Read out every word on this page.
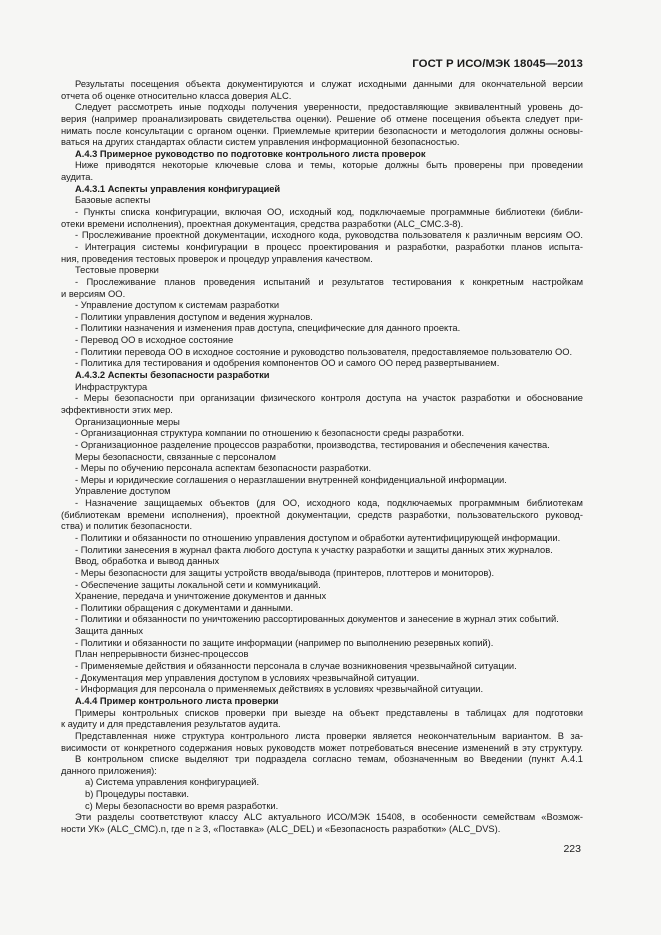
ГОСТ Р ИСО/МЭК 18045—2013
Результаты посещения объекта документируются и служат исходными данными для окончательной версии
отчета об оценке относительно класса доверия ALC.
Следует рассмотреть иные подходы получения уверенности, предоставляющие эквивалентный уровень до-
верия (например проанализировать свидетельства оценки). Решение об отмене посещения объекта следует при-
нимать после консультации с органом оценки. Приемлемые критерии безопасности и методология должны основы-
ваться на других стандартах области систем управления информационной безопасностью.
А.4.3 Примерное руководство по подготовке контрольного листа проверок
Ниже приводятся некоторые ключевые слова и темы, которые должны быть проверены при проведении
аудита.
А.4.3.1 Аспекты управления конфигурацией
Базовые аспекты
- Пункты списка конфигурации, включая ОО, исходный код, подключаемые программные библиотеки (библи-
отеки времени исполнения), проектная документация, средства разработки (ALC_CMC.3-8).
- Прослеживание проектной документации, исходного кода, руководства пользователя к различным версиям ОО.
- Интеграция системы конфигурации в процесс проектирования и разработки, разработки планов испыта-
ния, проведения тестовых проверок и процедур управления качеством.
Тестовые проверки
- Прослеживание планов проведения испытаний и результатов тестирования к конкретным настройкам
и версиям ОО.
- Управление доступом к системам разработки
- Политики управления доступом и ведения журналов.
- Политики назначения и изменения прав доступа, специфические для данного проекта.
- Перевод ОО в исходное состояние
- Политики перевода ОО в исходное состояние и руководство пользователя, предоставляемое пользователю ОО.
- Политика для тестирования и одобрения компонентов ОО и самого ОО перед развертыванием.
А.4.3.2 Аспекты безопасности разработки
Инфраструктура
- Меры безопасности при организации физического контроля доступа на участок разработки и обоснование
эффективности этих мер.
Организационные меры
- Организационная структура компании по отношению к безопасности среды разработки.
- Организационное разделение процессов разработки, производства, тестирования и обеспечения качества.
Меры безопасности, связанные с персоналом
- Меры по обучению персонала аспектам безопасности разработки.
- Меры и юридические соглашения о неразглашении внутренней конфиденциальной информации.
Управление доступом
- Назначение защищаемых объектов (для ОО, исходного кода, подключаемых программным библиотекам
(библиотекам времени исполнения), проектной документации, средств разработки, пользовательского руковод-
ства) и политик безопасности.
- Политики и обязанности по отношению управления доступом и обработки аутентифицирующей информации.
- Политики занесения в журнал факта любого доступа к участку разработки и защиты данных этих журналов.
Ввод, обработка и вывод данных
- Меры безопасности для защиты устройств ввода/вывода (принтеров, плоттеров и мониторов).
- Обеспечение защиты локальной сети и коммуникаций.
Хранение, передача и уничтожение документов и данных
- Политики обращения с документами и данными.
- Политики и обязанности по уничтожению рассортированных документов и занесение в журнал этих событий.
Защита данных
- Политики и обязанности по защите информации (например по выполнению резервных копий).
План непрерывности бизнес-процессов
- Применяемые действия и обязанности персонала в случае возникновения чрезвычайной ситуации.
- Документация мер управления доступом в условиях чрезвычайной ситуации.
- Информация для персонала о применяемых действиях в условиях чрезвычайной ситуации.
А.4.4 Пример контрольного листа проверки
Примеры контрольных списков проверки при выезде на объект представлены в таблицах для подготовки
к аудиту и для представления результатов аудита.
Представленная ниже структура контрольного листа проверки является неокончательным вариантом. В за-
висимости от конкретного содержания новых руководств может потребоваться внесение изменений в эту структуру.
В контрольном списке выделяют три подраздела согласно темам, обозначенным во Введении (пункт А.4.1
данного приложения):
a) Система управления конфигурацией.
b) Процедуры поставки.
c) Меры безопасности во время разработки.
Эти разделы соответствуют классу ALC актуального ИСО/МЭК 15408, в особенности семействам «Возмож-
ности УК» (ALC_CMC).n, где n ≥ 3, «Поставка» (ALC_DEL) и «Безопасность разработки» (ALC_DVS).
223
